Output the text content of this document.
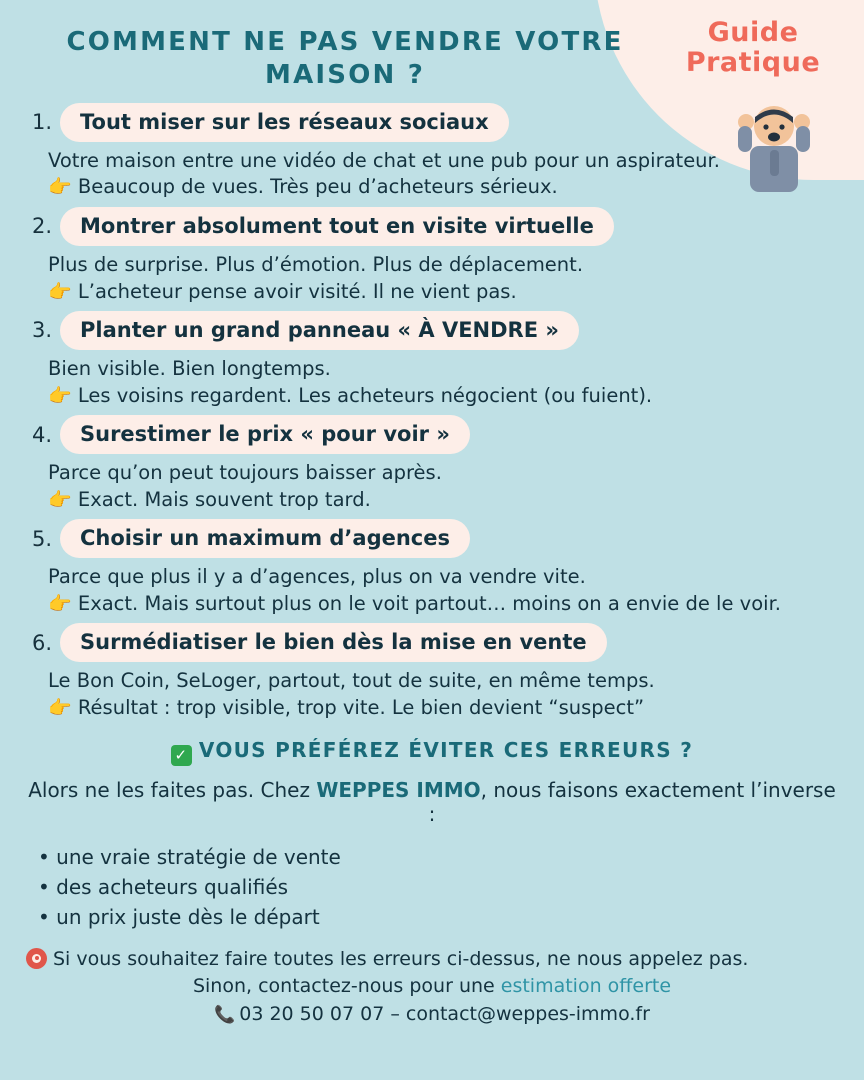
Guide
Pratique
COMMENT NE PAS VENDRE VOTRE MAISON ?
1.	Tout miser sur les réseaux sociaux
Votre maison entre une vidéo de chat et une pub pour un aspirateur.
👉 Beaucoup de vues. Très peu d’acheteurs sérieux.
2.	Montrer absolument tout en visite virtuelle
Plus de surprise. Plus d’émotion. Plus de déplacement.
👉 L’acheteur pense avoir visité. Il ne vient pas.
3.	Planter un grand panneau « À VENDRE »
Bien visible. Bien longtemps.
👉 Les voisins regardent. Les acheteurs négocient (ou fuient).
4.	Surestimer le prix « pour voir »
Parce qu’on peut toujours baisser après.
👉 Exact. Mais souvent trop tard.
5.	Choisir un maximum d’agences
Parce que plus il y a d’agences, plus on va vendre vite.
👉 Exact. Mais surtout plus on le voit partout… moins on a envie de le voir.
6.	Surmédiatiser le bien dès la mise en vente
Le Bon Coin, SeLoger, partout, tout de suite, en même temps.
👉 Résultat : trop visible, trop vite. Le bien devient “suspect”
✓ VOUS PRÉFÉREZ ÉVITER CES ERREURS ?
Alors ne les faites pas. Chez WEPPES IMMO, nous faisons exactement l’inverse :
• une vraie stratégie de vente
• des acheteurs qualifiés
• un prix juste dès le départ
Si vous souhaitez faire toutes les erreurs ci-dessus, ne nous appelez pas.
Sinon, contactez-nous pour une estimation offerte
📞 03 20 50 07 07 – contact@weppes-immo.fr
